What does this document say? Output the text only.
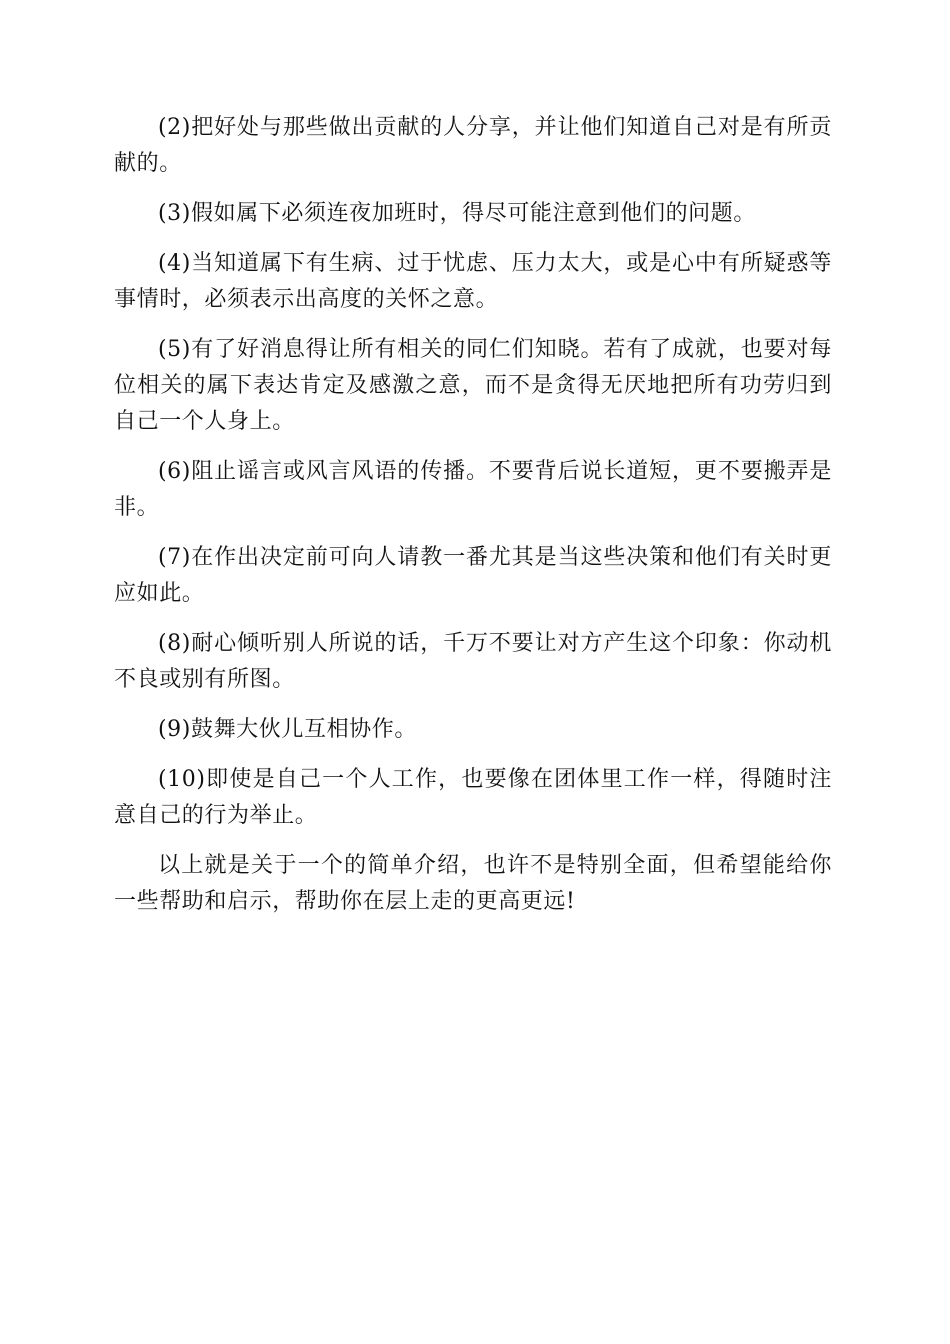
(2)把好处与那些做出贡献的人分享，并让他们知道自己对是有所贡献的。

(3)假如属下必须连夜加班时，得尽可能注意到他们的问题。

(4)当知道属下有生病、过于忧虑、压力太大，或是心中有所疑惑等事情时，必须表示出高度的关怀之意。

(5)有了好消息得让所有相关的同仁们知晓。若有了成就，也要对每位相关的属下表达肯定及感激之意，而不是贪得无厌地把所有功劳归到自己一个人身上。

(6)阻止谣言或风言风语的传播。不要背后说长道短，更不要搬弄是非。

(7)在作出决定前可向人请教一番尤其是当这些决策和他们有关时更应如此。

(8)耐心倾听别人所说的话，千万不要让对方产生这个印象：你动机不良或别有所图。

(9)鼓舞大伙儿互相协作。

(10)即使是自己一个人工作，也要像在团体里工作一样，得随时注意自己的行为举止。

以上就是关于一个的简单介绍，也许不是特别全面，但希望能给你一些帮助和启示，帮助你在层上走的更高更远!
